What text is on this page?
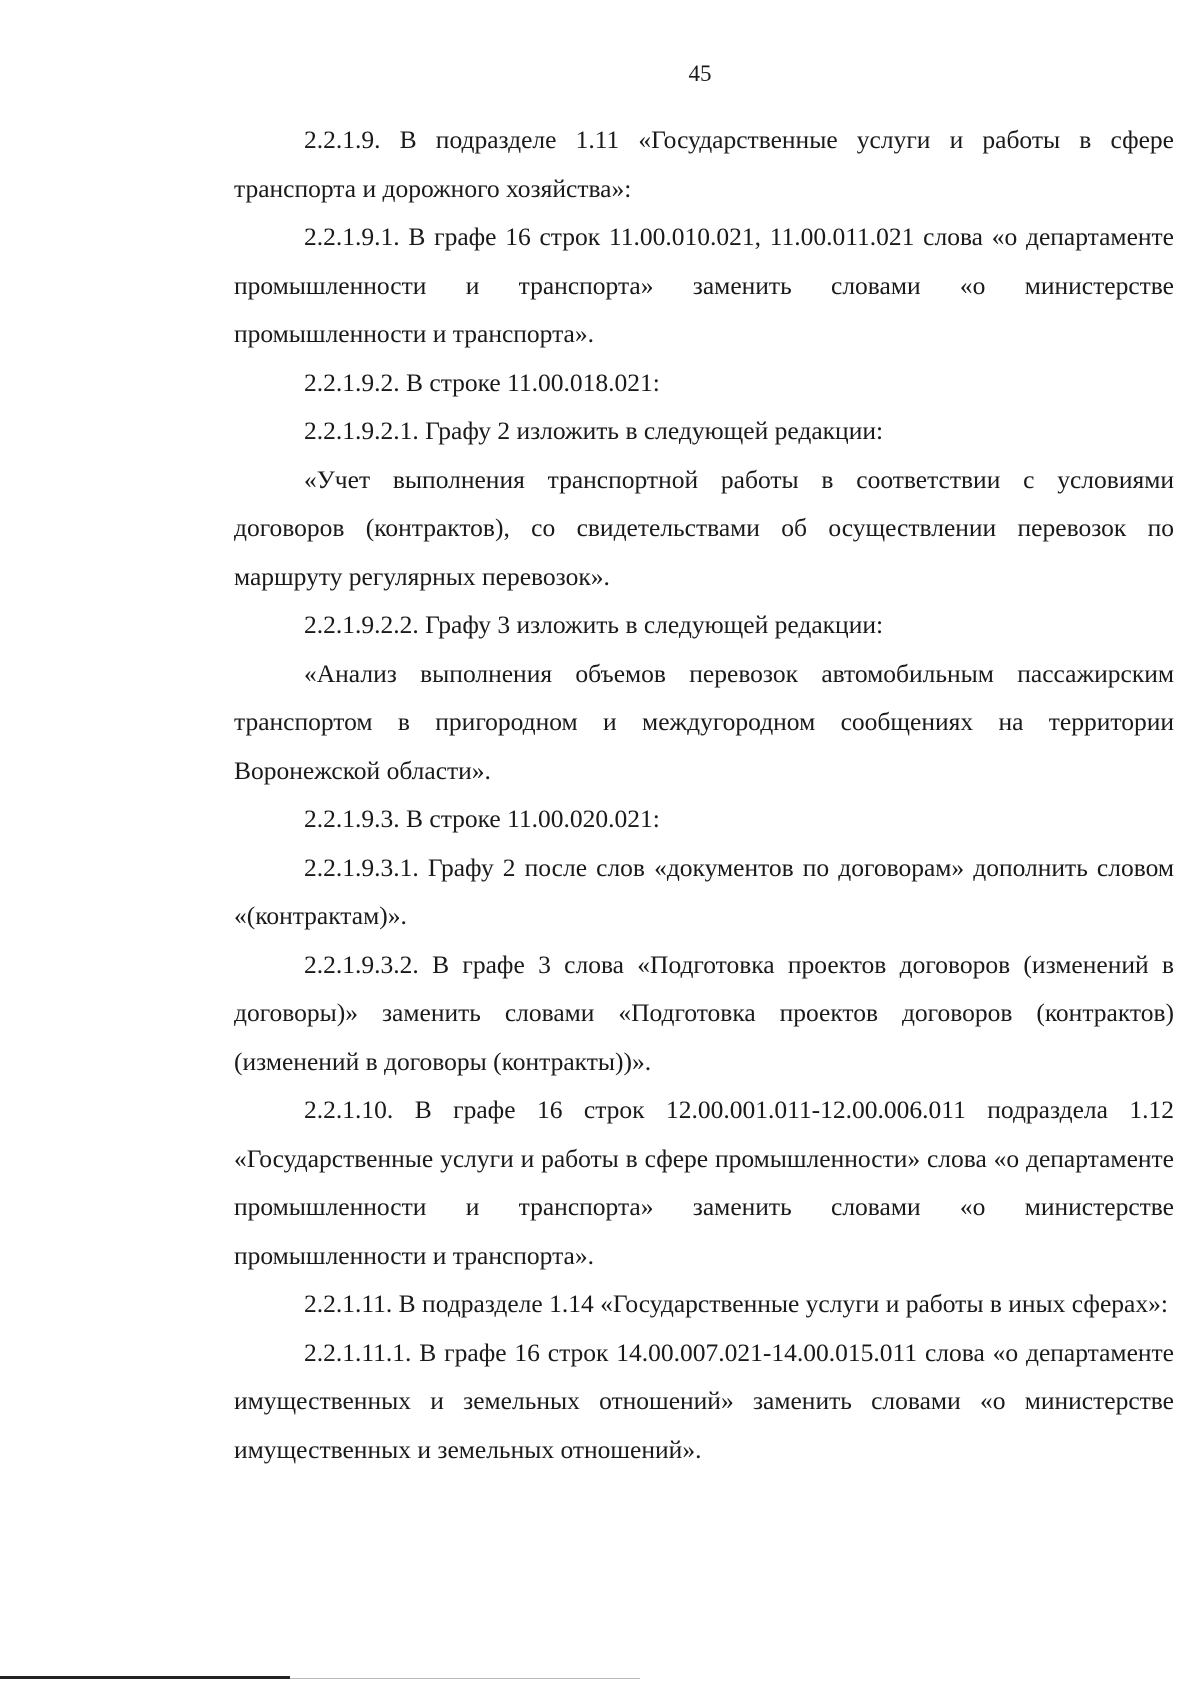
45

2.2.1.9. В подразделе 1.11 «Государственные услуги и работы в сфере транспорта и дорожного хозяйства»:

2.2.1.9.1. В графе 16 строк 11.00.010.021, 11.00.011.021 слова «о департаменте промышленности и транспорта» заменить словами «о министерстве промышленности и транспорта».

2.2.1.9.2. В строке 11.00.018.021:

2.2.1.9.2.1. Графу 2 изложить в следующей редакции:

«Учет выполнения транспортной работы в соответствии с условиями договоров (контрактов), со свидетельствами об осуществлении перевозок по маршруту регулярных перевозок».

2.2.1.9.2.2. Графу 3 изложить в следующей редакции:

«Анализ выполнения объемов перевозок автомобильным пассажирским транспортом в пригородном и междугородном сообщениях на территории Воронежской области».

2.2.1.9.3. В строке 11.00.020.021:

2.2.1.9.3.1. Графу 2 после слов «документов по договорам» дополнить словом «(контрактам)».

2.2.1.9.3.2. В графе 3 слова «Подготовка проектов договоров (изменений в договоры)» заменить словами «Подготовка проектов договоров (контрактов) (изменений в договоры (контракты))».

2.2.1.10. В графе 16 строк 12.00.001.011-12.00.006.011 подраздела 1.12 «Государственные услуги и работы в сфере промышленности» слова «о департаменте промышленности и транспорта» заменить словами «о министерстве промышленности и транспорта».

2.2.1.11. В подразделе 1.14 «Государственные услуги и работы в иных сферах»:

2.2.1.11.1. В графе 16 строк 14.00.007.021-14.00.015.011 слова «о департаменте имущественных и земельных отношений» заменить словами «о министерстве имущественных и земельных отношений».
